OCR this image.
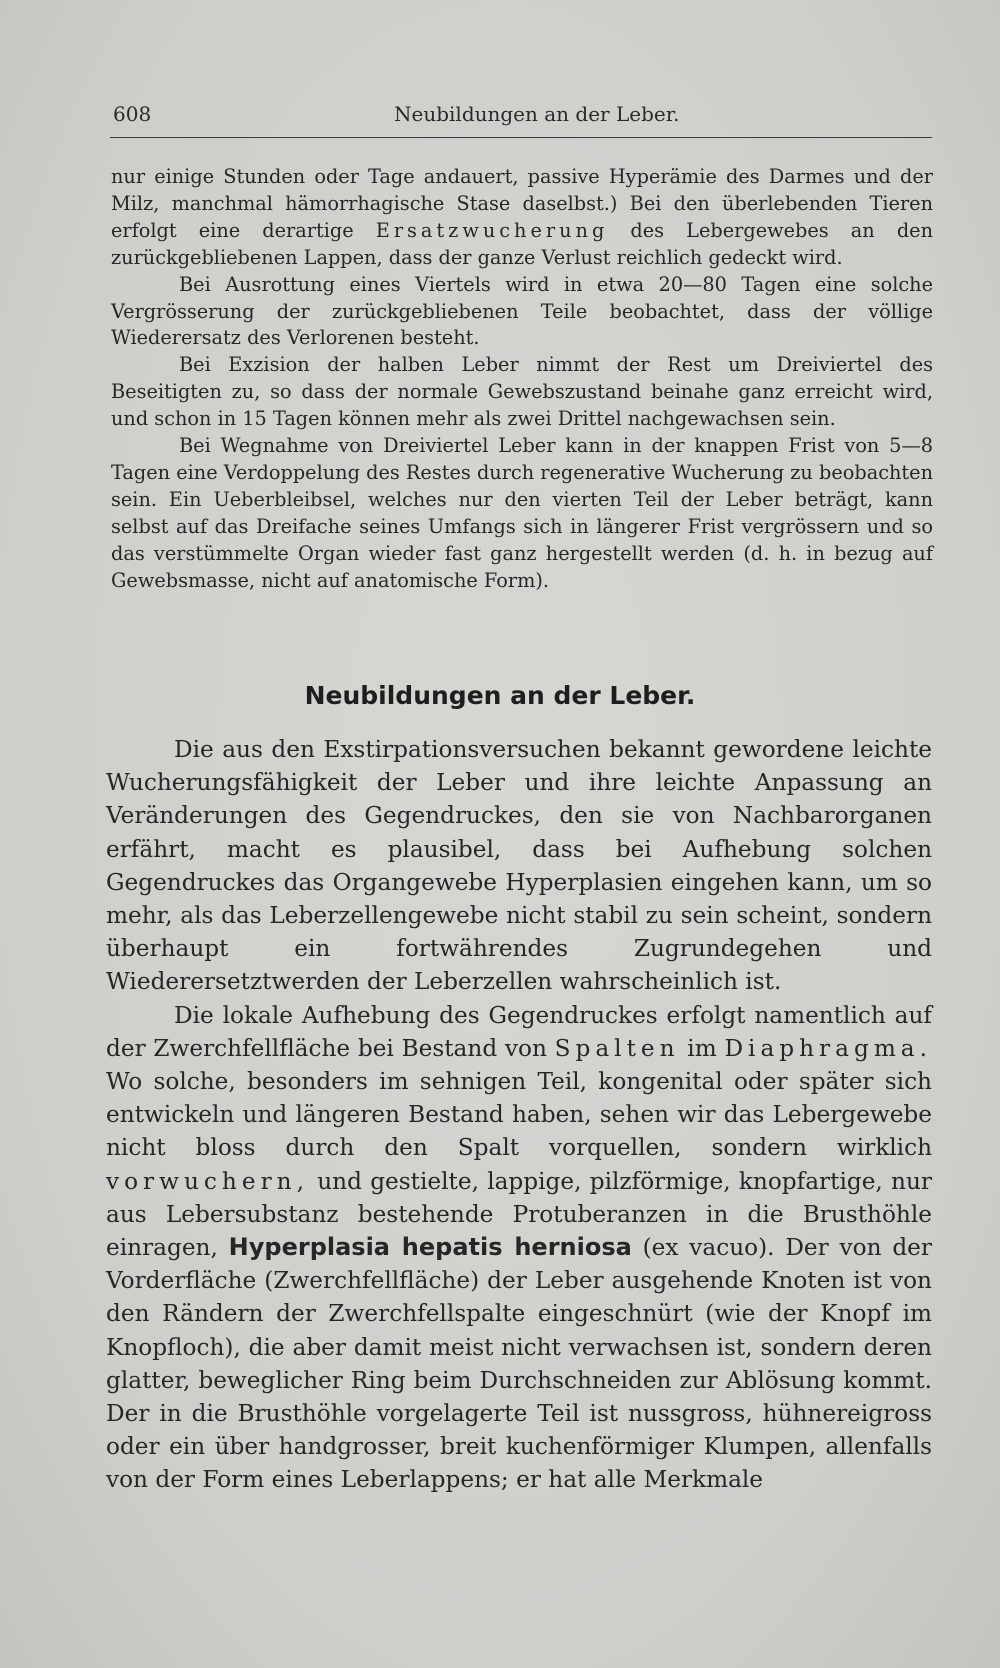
608	Neubildungen an der Leber.

nur einige Stunden oder Tage andauert, passive Hyperämie des Darmes und der Milz, manchmal hämorrhagische Stase daselbst.) Bei den überlebenden Tieren erfolgt eine derartige Ersatzwucherung des Lebergewebes an den zurückgebliebenen Lappen, dass der ganze Verlust reichlich gedeckt wird.

Bei Ausrottung eines Viertels wird in etwa 20—80 Tagen eine solche Vergrösserung der zurückgebliebenen Teile beobachtet, dass der völlige Wiederersatz des Verlorenen besteht.

Bei Exzision der halben Leber nimmt der Rest um Dreiviertel des Beseitigten zu, so dass der normale Gewebszustand beinahe ganz erreicht wird, und schon in 15 Tagen können mehr als zwei Drittel nachgewachsen sein.

Bei Wegnahme von Dreiviertel Leber kann in der knappen Frist von 5—8 Tagen eine Verdoppelung des Restes durch regenerative Wucherung zu beobachten sein. Ein Ueberbleibsel, welches nur den vierten Teil der Leber beträgt, kann selbst auf das Dreifache seines Umfangs sich in längerer Frist vergrössern und so das verstümmelte Organ wieder fast ganz hergestellt werden (d. h. in bezug auf Gewebsmasse, nicht auf anatomische Form).

Neubildungen an der Leber.

Die aus den Exstirpationsversuchen bekannt gewordene leichte Wucherungsfähigkeit der Leber und ihre leichte Anpassung an Veränderungen des Gegendruckes, den sie von Nachbarorganen erfährt, macht es plausibel, dass bei Aufhebung solchen Gegendruckes das Organgewebe Hyperplasien eingehen kann, um so mehr, als das Leberzellengewebe nicht stabil zu sein scheint, sondern überhaupt ein fortwährendes Zugrundegehen und Wiederersetztwerden der Leberzellen wahrscheinlich ist.

Die lokale Aufhebung des Gegendruckes erfolgt namentlich auf der Zwerchfellfläche bei Bestand von Spalten im Diaphragma. Wo solche, besonders im sehnigen Teil, kongenital oder später sich entwickeln und längeren Bestand haben, sehen wir das Lebergewebe nicht bloss durch den Spalt vorquellen, sondern wirklich vorwuchern, und gestielte, lappige, pilzförmige, knopfartige, nur aus Lebersubstanz bestehende Protuberanzen in die Brusthöhle einragen, Hyperplasia hepatis herniosa (ex vacuo). Der von der Vorderfläche (Zwerchfellfläche) der Leber ausgehende Knoten ist von den Rändern der Zwerchfellspalte eingeschnürt (wie der Knopf im Knopfloch), die aber damit meist nicht verwachsen ist, sondern deren glatter, beweglicher Ring beim Durchschneiden zur Ablösung kommt. Der in die Brusthöhle vorgelagerte Teil ist nussgross, hühnereigross oder ein über handgrosser, breit kuchenförmiger Klumpen, allenfalls von der Form eines Leberlappens; er hat alle Merkmale
